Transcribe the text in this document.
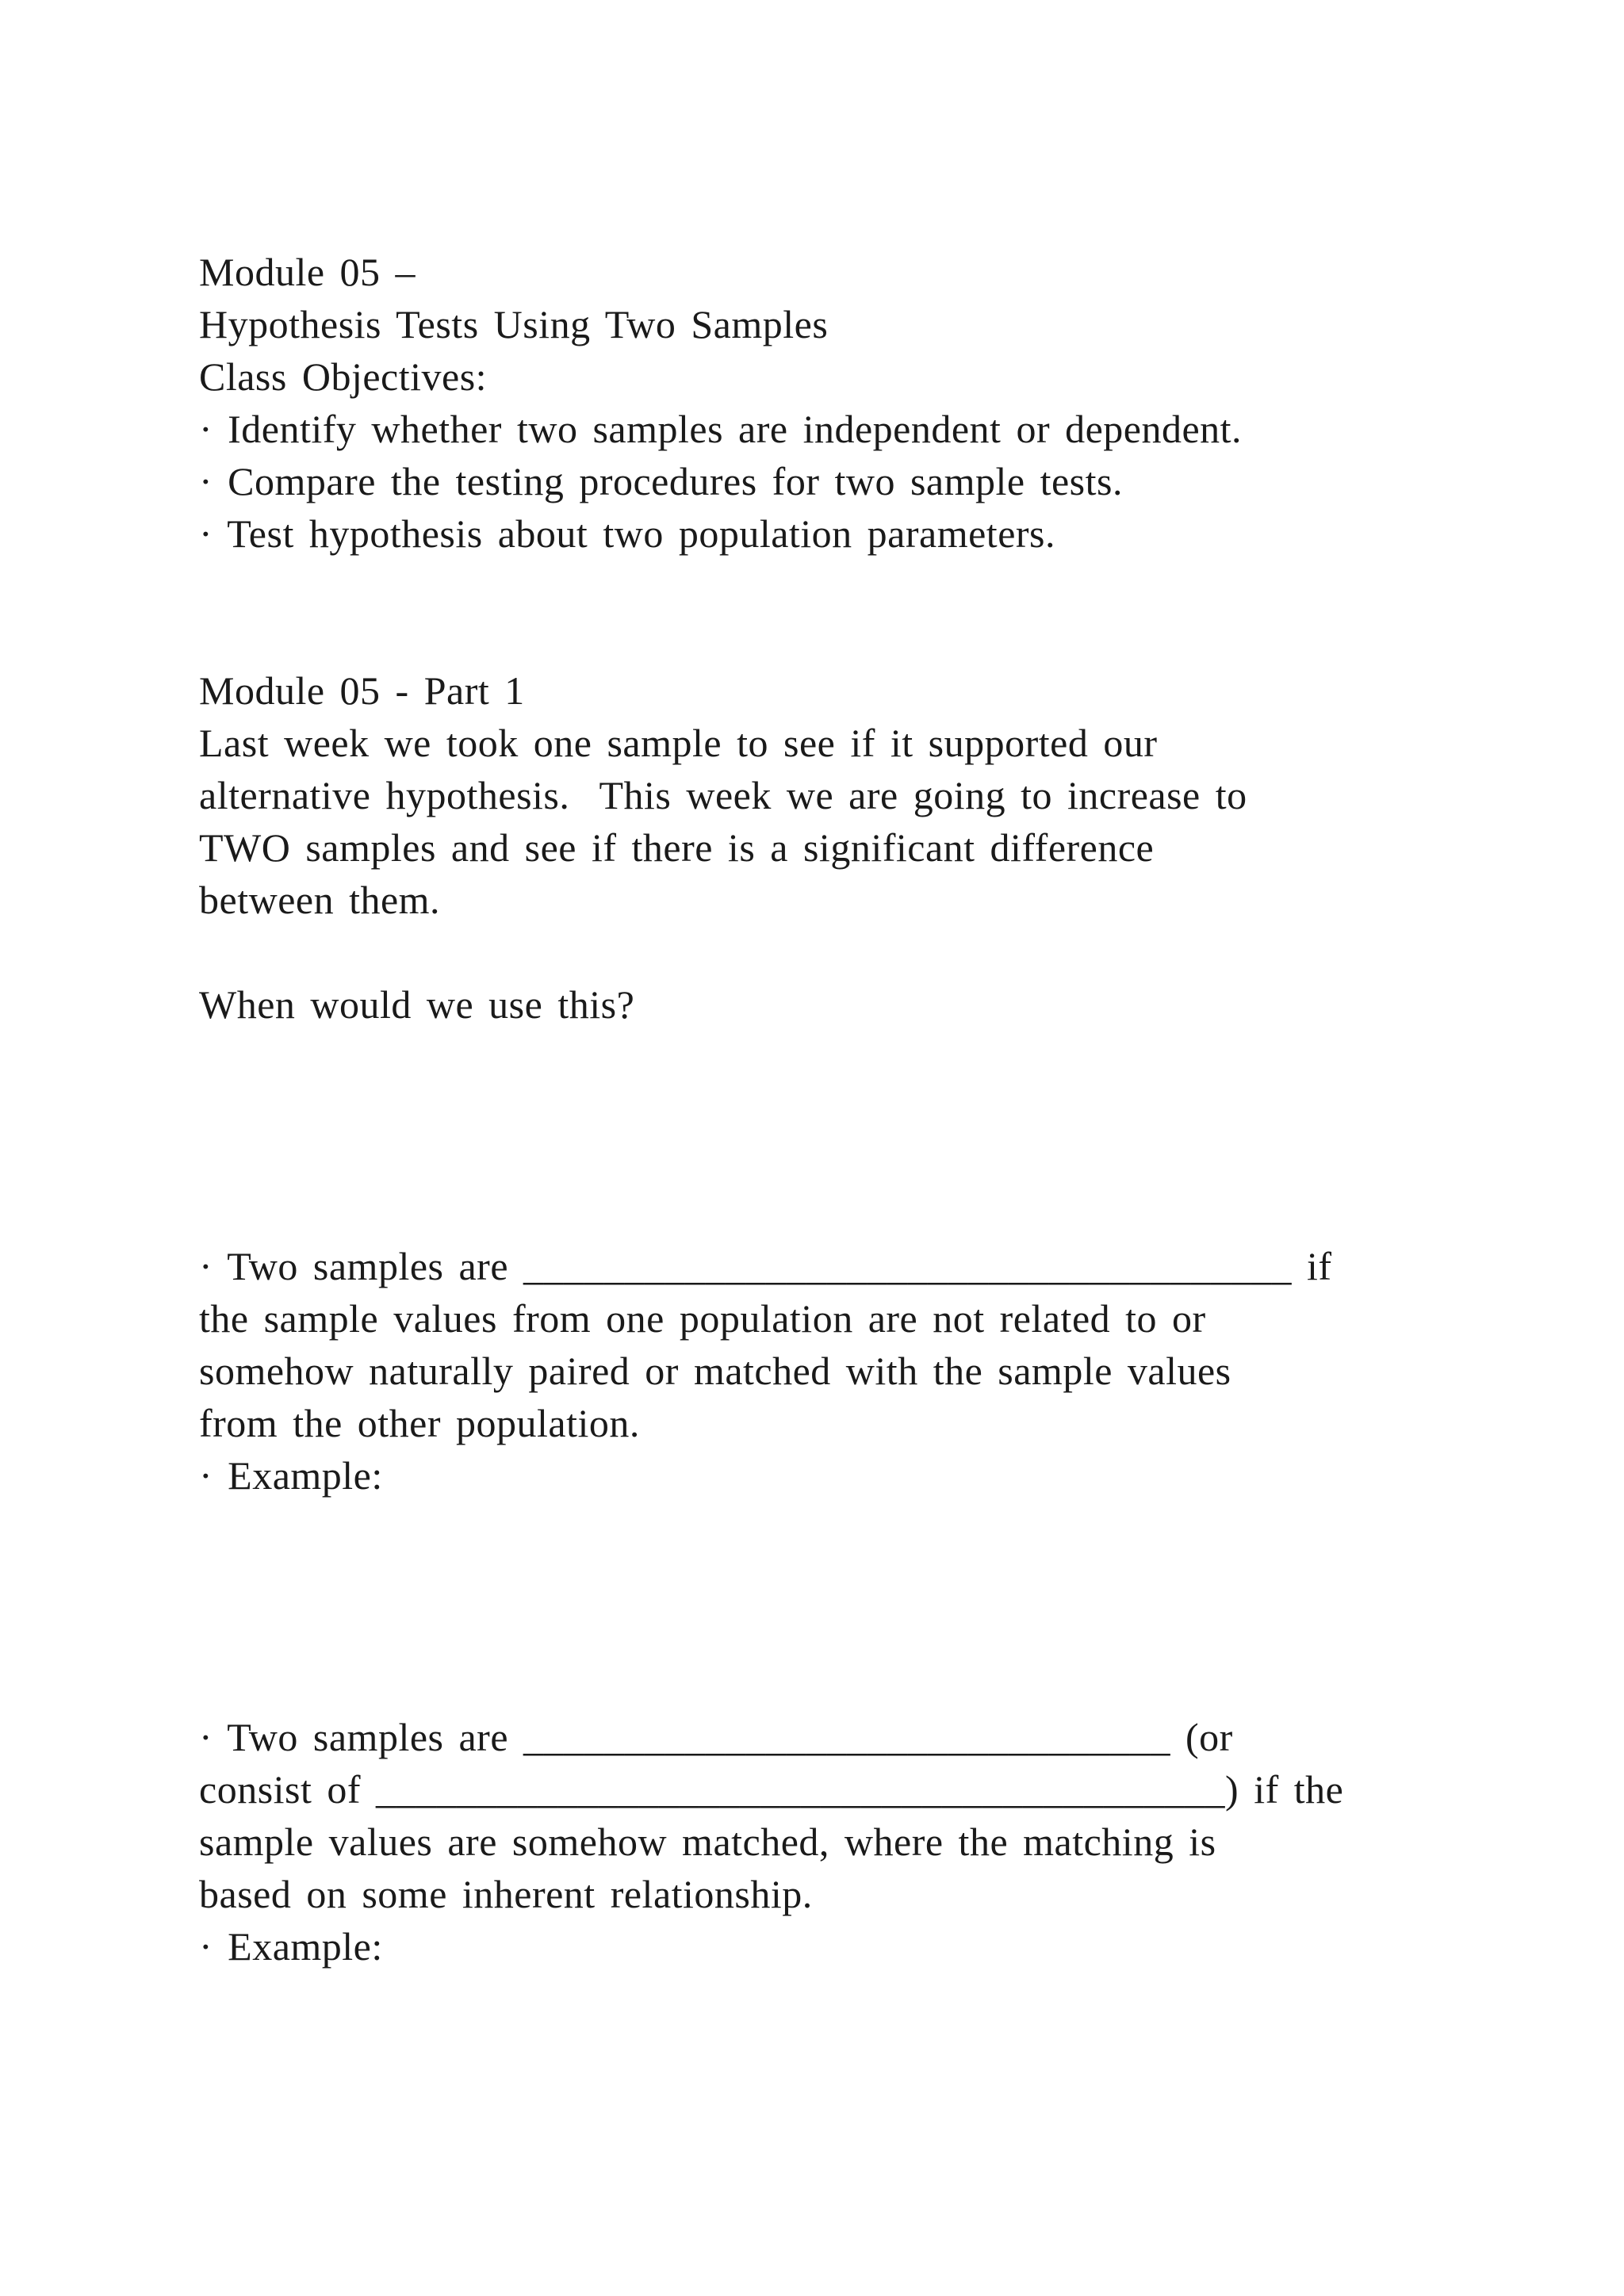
Module 05 –
Hypothesis Tests Using Two Samples
Class Objectives:
· Identify whether two samples are independent or dependent.
· Compare the testing procedures for two sample tests.
· Test hypothesis about two population parameters.
Module 05 - Part 1
Last week we took one sample to see if it supported our
alternative hypothesis.  This week we are going to increase to
TWO samples and see if there is a significant difference
between them.
When would we use this?
· Two samples are ______________________________________ if
the sample values from one population are not related to or
somehow naturally paired or matched with the sample values
from the other population.
· Example:
· Two samples are ________________________________ (or
consist of __________________________________________) if the
sample values are somehow matched, where the matching is
based on some inherent relationship.
· Example:
